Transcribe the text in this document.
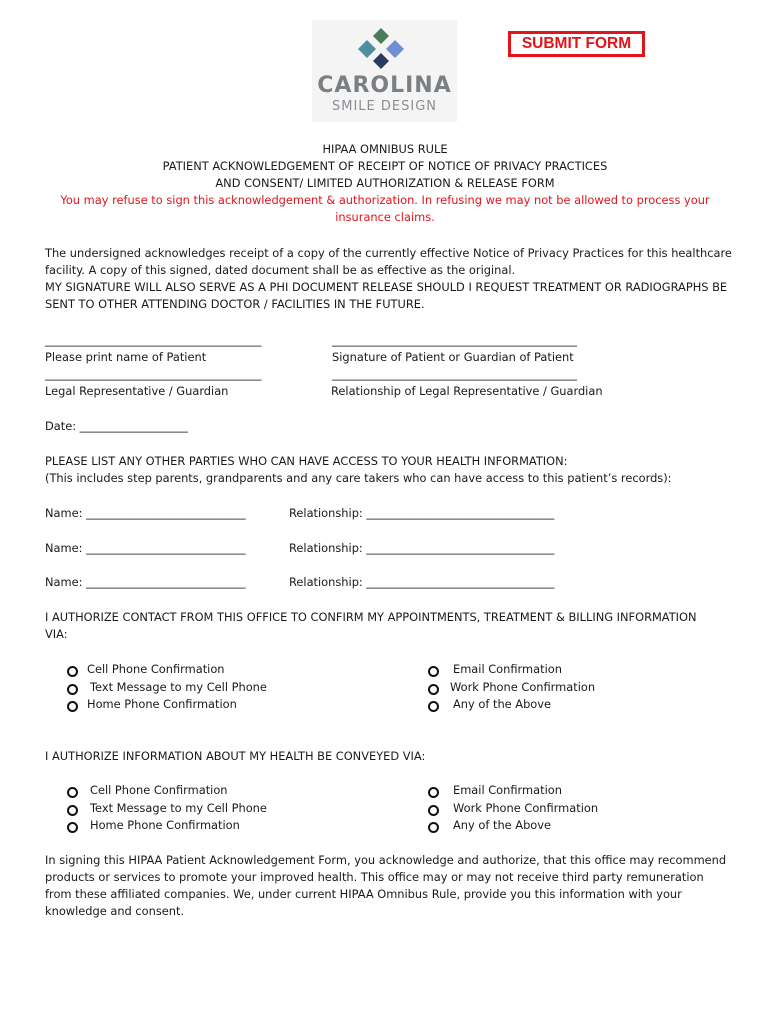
CAROLINA
SMILE DESIGN
SUBMIT FORM
HIPAA OMNIBUS RULE
PATIENT ACKNOWLEDGEMENT OF RECEIPT OF NOTICE OF PRIVACY PRACTICES
AND CONSENT/ LIMITED AUTHORIZATION & RELEASE FORM
You may refuse to sign this acknowledgement & authorization. In refusing we may not be allowed to process your
insurance claims.
The undersigned acknowledges receipt of a copy of the currently effective Notice of Privacy Practices for this healthcare
facility. A copy of this signed, dated document shall be as effective as the original.
MY SIGNATURE WILL ALSO SERVE AS A PHI DOCUMENT RELEASE SHOULD I REQUEST TREATMENT OR RADIOGRAPHS BE
SENT TO OTHER ATTENDING DOCTOR / FACILITIES IN THE FUTURE.
______________________________________	___________________________________________
Please print name of Patient	Signature of Patient or Guardian of Patient
______________________________________	___________________________________________
Legal Representative / Guardian	Relationship of Legal Representative / Guardian
Date: ___________________
PLEASE LIST ANY OTHER PARTIES WHO CAN HAVE ACCESS TO YOUR HEALTH INFORMATION:
(This includes step parents, grandparents and any care takers who can have access to this patient’s records):
Name: ____________________________	Relationship: _________________________________
Name: ____________________________	Relationship: _________________________________
Name: ____________________________	Relationship: _________________________________
I AUTHORIZE CONTACT FROM THIS OFFICE TO CONFIRM MY APPOINTMENTS, TREATMENT & BILLING INFORMATION
VIA:
Cell Phone Confirmation
Text Message to my Cell Phone
Home Phone Confirmation
Email Confirmation
Work Phone Confirmation
Any of the Above
I AUTHORIZE INFORMATION ABOUT MY HEALTH BE CONVEYED VIA:
Cell Phone Confirmation
Text Message to my Cell Phone
Home Phone Confirmation
Email Confirmation
Work Phone Confirmation
Any of the Above
In signing this HIPAA Patient Acknowledgement Form, you acknowledge and authorize, that this office may recommend
products or services to promote your improved health. This office may or may not receive third party remuneration
from these affiliated companies. We, under current HIPAA Omnibus Rule, provide you this information with your
knowledge and consent.
